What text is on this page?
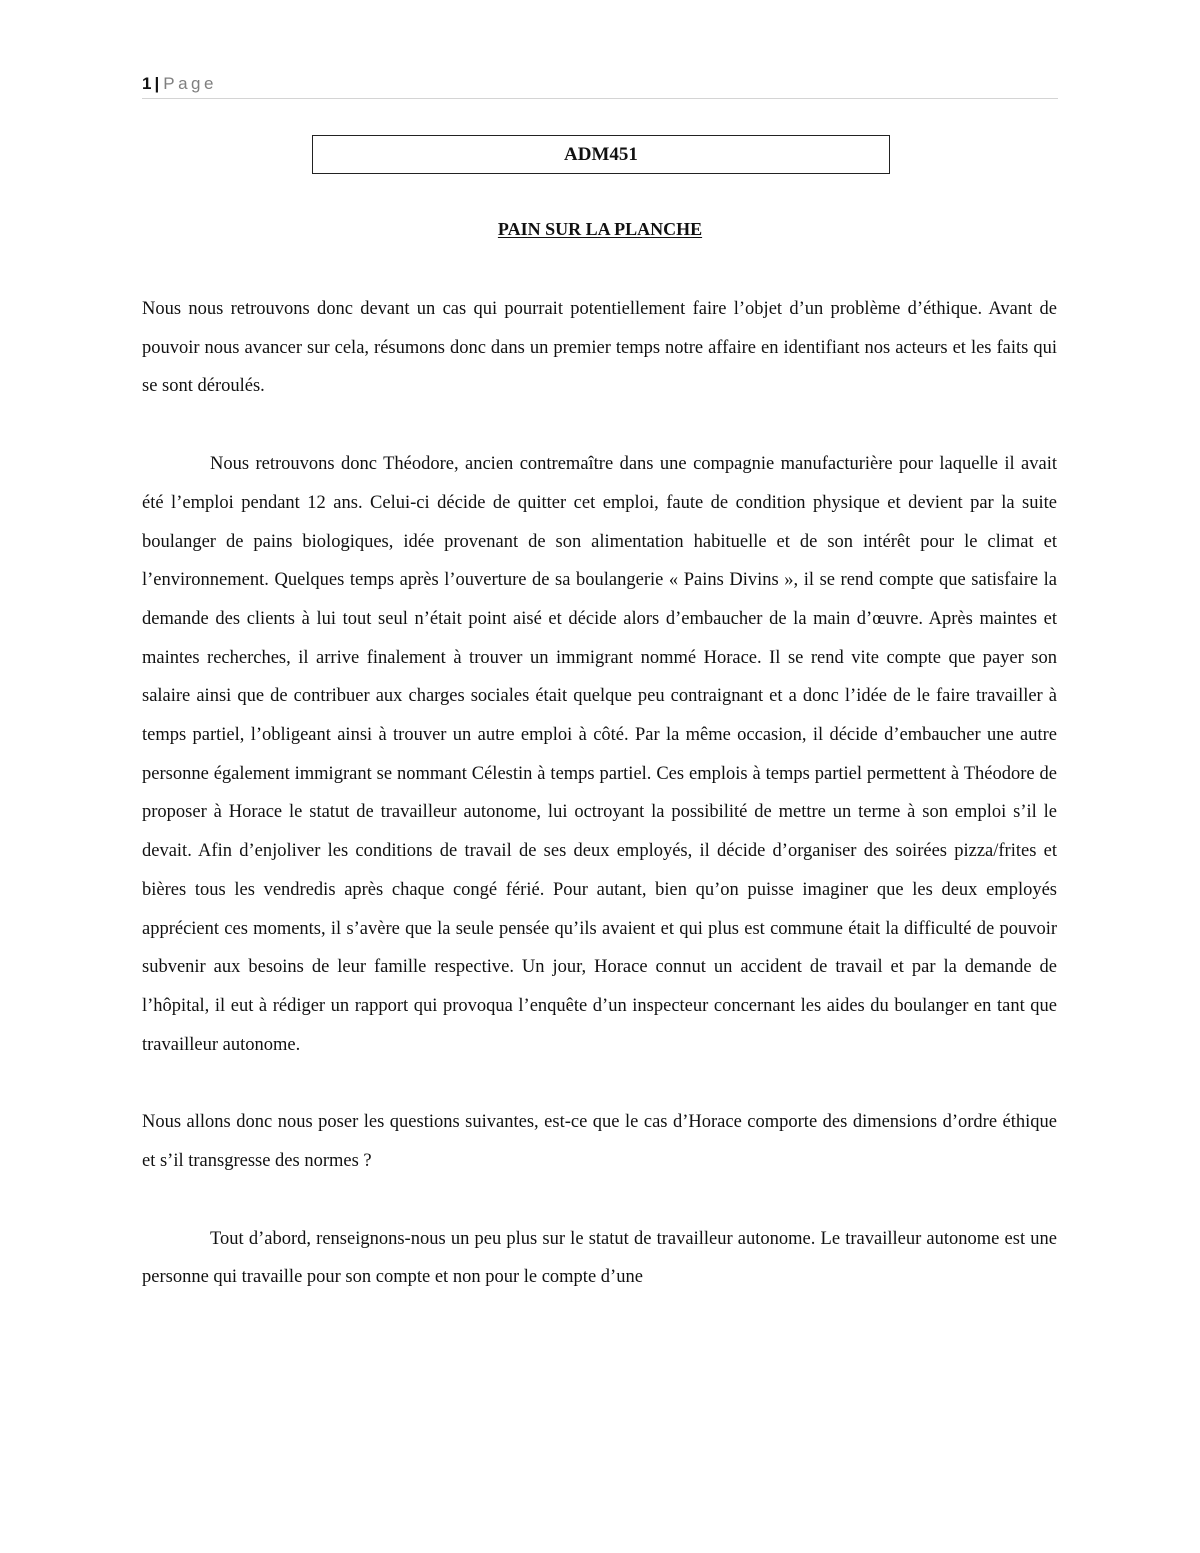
1 | Page
ADM451
PAIN SUR LA PLANCHE

Nous nous retrouvons donc devant un cas qui pourrait potentiellement faire l’objet d’un problème d’éthique. Avant de pouvoir nous avancer sur cela, résumons donc dans un premier temps notre affaire en identifiant nos acteurs et les faits qui se sont déroulés.

Nous retrouvons donc Théodore, ancien contremaître dans une compagnie manufacturière pour laquelle il avait été l’emploi pendant 12 ans. Celui-ci décide de quitter cet emploi, faute de condition physique et devient par la suite boulanger de pains biologiques, idée provenant de son alimentation habituelle et de son intérêt pour le climat et l’environnement. Quelques temps après l’ouverture de sa boulangerie « Pains Divins », il se rend compte que satisfaire la demande des clients à lui tout seul n’était point aisé et décide alors d’embaucher de la main d’œuvre. Après maintes et maintes recherches, il arrive finalement à trouver un immigrant nommé Horace. Il se rend vite compte que payer son salaire ainsi que de contribuer aux charges sociales était quelque peu contraignant et a donc l’idée de le faire travailler à temps partiel, l’obligeant ainsi à trouver un autre emploi à côté. Par la même occasion, il décide d’embaucher une autre personne également immigrant se nommant Célestin à temps partiel. Ces emplois à temps partiel permettent à Théodore de proposer à Horace le statut de travailleur autonome, lui octroyant la possibilité de mettre un terme à son emploi s’il le devait. Afin d’enjoliver les conditions de travail de ses deux employés, il décide d’organiser des soirées pizza/frites et bières tous les vendredis après chaque congé férié. Pour autant, bien qu’on puisse imaginer que les deux employés apprécient ces moments, il s’avère que la seule pensée qu’ils avaient et qui plus est commune était la difficulté de pouvoir subvenir aux besoins de leur famille respective. Un jour, Horace connut un accident de travail et par la demande de l’hôpital, il eut à rédiger un rapport qui provoqua l’enquête d’un inspecteur concernant les aides du boulanger en tant que travailleur autonome.

Nous allons donc nous poser les questions suivantes, est-ce que le cas d’Horace comporte des dimensions d’ordre éthique et s’il transgresse des normes ?

Tout d’abord, renseignons-nous un peu plus sur le statut de travailleur autonome. Le travailleur autonome est une personne qui travaille pour son compte et non pour le compte d’une
